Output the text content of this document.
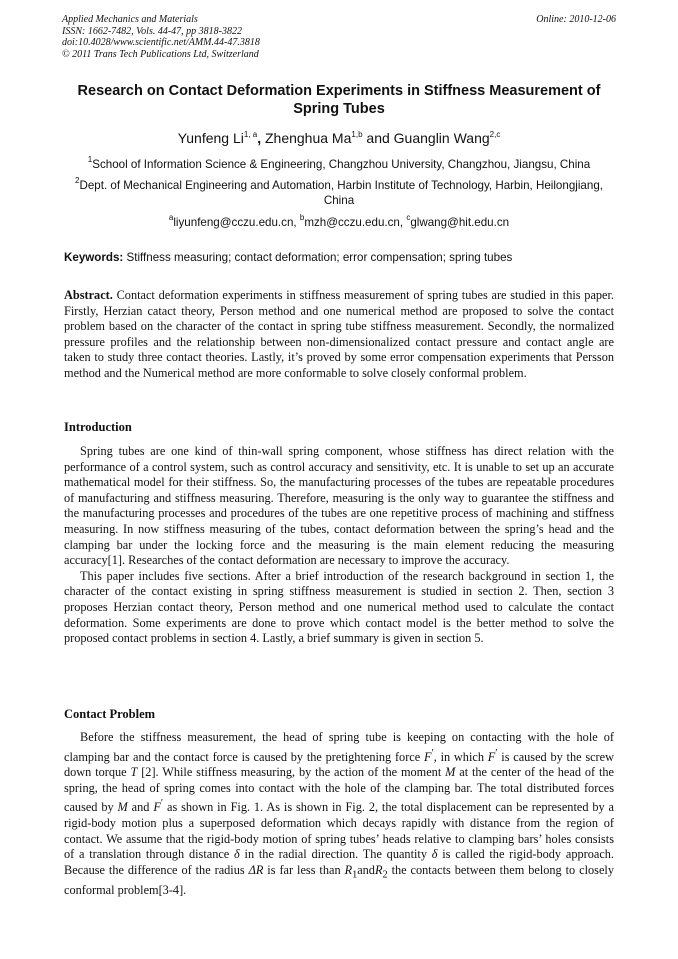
Applied Mechanics and Materials
ISSN: 1662-7482, Vols. 44-47, pp 3818-3822
doi:10.4028/www.scientific.net/AMM.44-47.3818
© 2011 Trans Tech Publications Ltd, Switzerland
Online: 2010-12-06
Research on Contact Deformation Experiments in Stiffness Measurement of Spring Tubes
Yunfeng Li$^{1, a}$, Zhenghua Ma$^{1,b}$ and Guanglin Wang$^{2,c}$
$^1$School of Information Science & Engineering, Changzhou University, Changzhou, Jiangsu, China
$^2$Dept. of Mechanical Engineering and Automation, Harbin Institute of Technology, Harbin, Heilongjiang, China
$^a$liyunfeng@cczu.edu.cn, $^b$mzh@cczu.edu.cn, $^c$glwang@hit.edu.cn
Keywords: Stiffness measuring; contact deformation; error compensation; spring tubes
Abstract. Contact deformation experiments in stiffness measurement of spring tubes are studied in this paper. Firstly, Herzian catact theory, Person method and one numerical method are proposed to solve the contact problem based on the character of the contact in spring tube stiffness measurement. Secondly, the normalized pressure profiles and the relationship between non-dimensionalized contact pressure and contact angle are taken to study three contact theories. Lastly, it’s proved by some error compensation experiments that Persson method and the Numerical method are more conformable to solve closely conformal problem.
Introduction

Spring tubes are one kind of thin-wall spring component, whose stiffness has direct relation with the performance of a control system, such as control accuracy and sensitivity, etc. It is unable to set up an accurate mathematical model for their stiffness. So, the manufacturing processes of the tubes are repeatable procedures of manufacturing and stiffness measuring. Therefore, measuring is the only way to guarantee the stiffness and the manufacturing processes and procedures of the tubes are one repetitive process of machining and stiffness measuring. In now stiffness measuring of the tubes, contact deformation between the spring’s head and the clamping bar under the locking force and the measuring is the main element reducing the measuring accuracy[1]. Researches of the contact deformation are necessary to improve the accuracy.

This paper includes five sections. After a brief introduction of the research background in section 1, the character of the contact existing in spring stiffness measurement is studied in section 2. Then, section 3 proposes Herzian contact theory, Person method and one numerical method used to calculate the contact deformation. Some experiments are done to prove which contact model is the better method to solve the proposed contact problems in section 4. Lastly, a brief summary is given in section 5.

Contact Problem

Before the stiffness measurement, the head of spring tube is keeping on contacting with the hole of clamping bar and the contact force is caused by the pretightening force F′, in which F′ is caused by the screw down torque T [2]. While stiffness measuring, by the action of the moment M at the center of the head of the spring, the head of spring comes into contact with the hole of the clamping bar. The total distributed forces caused by M and F′ as shown in Fig. 1. As is shown in Fig. 2, the total displacement can be represented by a rigid-body motion plus a superposed deformation which decays rapidly with distance from the region of contact. We assume that the rigid-body motion of spring tubes’ heads relative to clamping bars’ holes consists of a translation through distance δ in the radial direction. The quantity δ is called the rigid-body approach. Because the difference of the radius ΔR is far less than $R_1andR_2$ the contacts between them belong to closely conformal problem[3-4].
